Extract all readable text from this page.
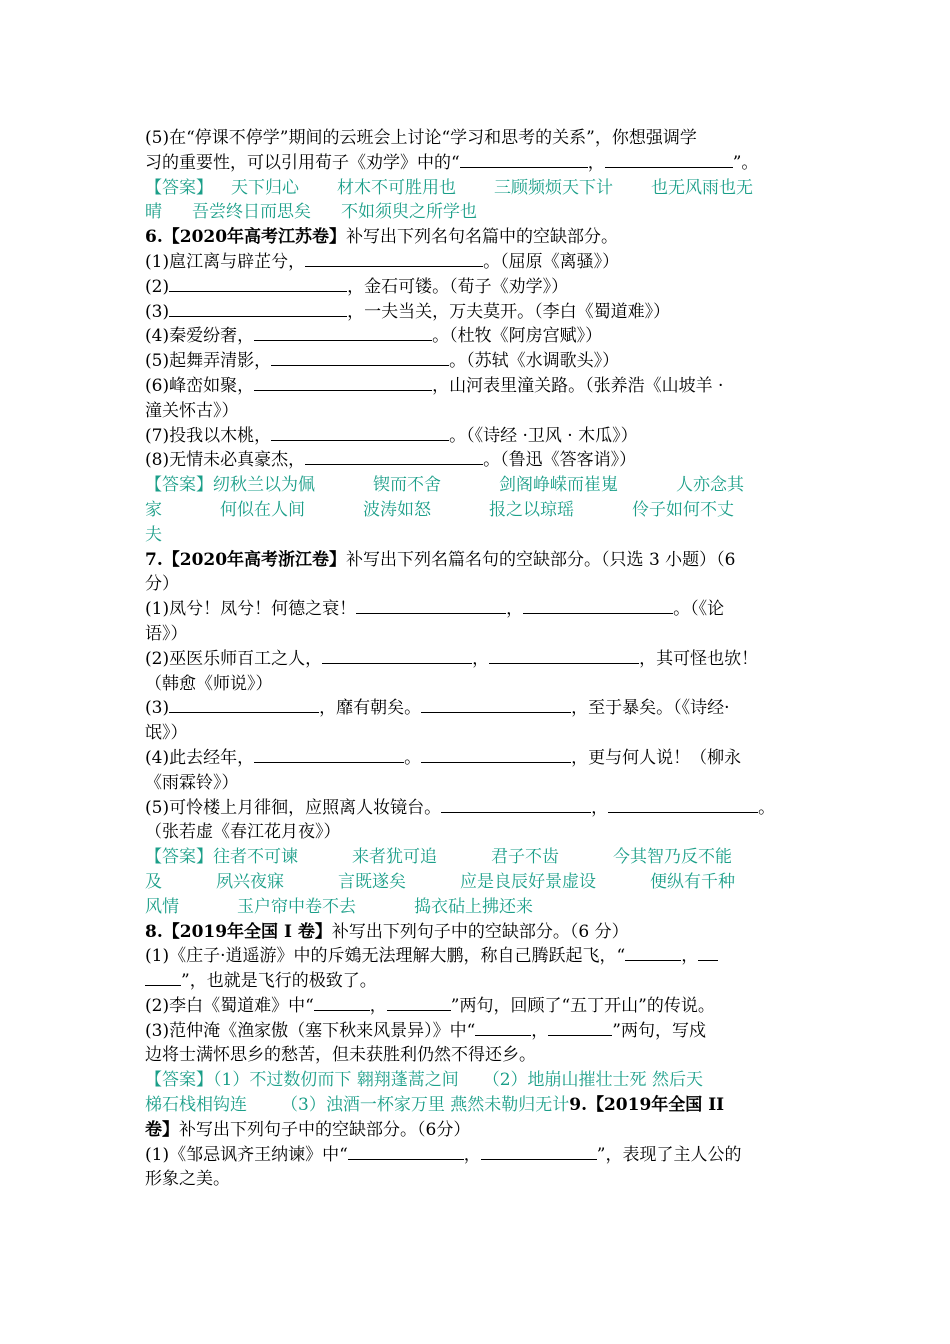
(5)在“停课不停学”期间的云班会上讨论“学习和思考的关系”，你想强调学
习的重要性，可以引用荀子《劝学》中的“	，	”。
【答案】 天下归心 材木不可胜用也 三顾频烦天下计 也无风雨也无
晴 吾尝终日而思矣 不如须臾之所学也
6.【2020年高考江苏卷】补写出下列名句名篇中的空缺部分。
(1)扈江离与辟芷兮，	。（屈原《离骚》）
(2)	，金石可镂。（荀子《劝学》）
(3)	，一夫当关，万夫莫开。（李白《蜀道难》）
(4)秦爱纷奢，	。（杜牧《阿房宫赋》）
(5)起舞弄清影，	。（苏轼《水调歌头》）
(6)峰峦如聚，	，山河表里潼关路。（张养浩《山坡羊 ·
潼关怀古》）
(7)投我以木桃，	。（《诗经 ·卫风 · 木瓜》）
(8)无情未必真豪杰，	。（鲁迅《答客诮》）
【答案】纫秋兰以为佩	锲而不舍	剑阁峥嵘而崔嵬	人亦念其
家	何似在人间	波涛如怒	报之以琼瑶	伶子如何不丈
夫
7.【2020年高考浙江卷】补写出下列名篇名句的空缺部分。（只选 3 小题）（6
分）
(1)凤兮！凤兮！何德之衰！	，	。（《论
语》）
(2)巫医乐师百工之人，	，	，其可怪也欤！
（韩愈《师说》）
(3)	，靡有朝矣。	，至于暴矣。（《诗经·
氓》）
(4)此去经年，	。	，更与何人说！（柳永
《雨霖铃》）
(5)可怜楼上月徘徊，应照离人妆镜台。	，	。
（张若虚《春江花月夜》）
【答案】往者不可谏	来者犹可追	君子不齿	今其智乃反不能
及	夙兴夜寐	言既遂矣	应是良辰好景虚设	便纵有千种
风情	玉户帘中卷不去	捣衣砧上拂还来
8.【2019年全国 I 卷】补写出下列句子中的空缺部分。（6 分）
(1)《庄子·逍遥游》中的斥鴳无法理解大鹏，称自己腾跃起飞，“	，
”，也就是飞行的极致了。
(2)李白《蜀道难》中“	，	”两句，回顾了“五丁开山”的传说。
(3)范仲淹《渔家傲（塞下秋来风景异）》中“	，	”两句，写戍
边将士满怀思乡的愁苦，但未获胜利仍然不得还乡。
【答案】（1）不过数仞而下 翱翔蓬蒿之间 （2）地崩山摧壮士死 然后天
梯石栈相钩连 （3）浊酒一杯家万里 燕然未勒归无计9.【2019年全国 II
卷】补写出下列句子中的空缺部分。（6分）
(1)《邹忌讽齐王纳谏》中“	，	”，表现了主人公的
形象之美。
